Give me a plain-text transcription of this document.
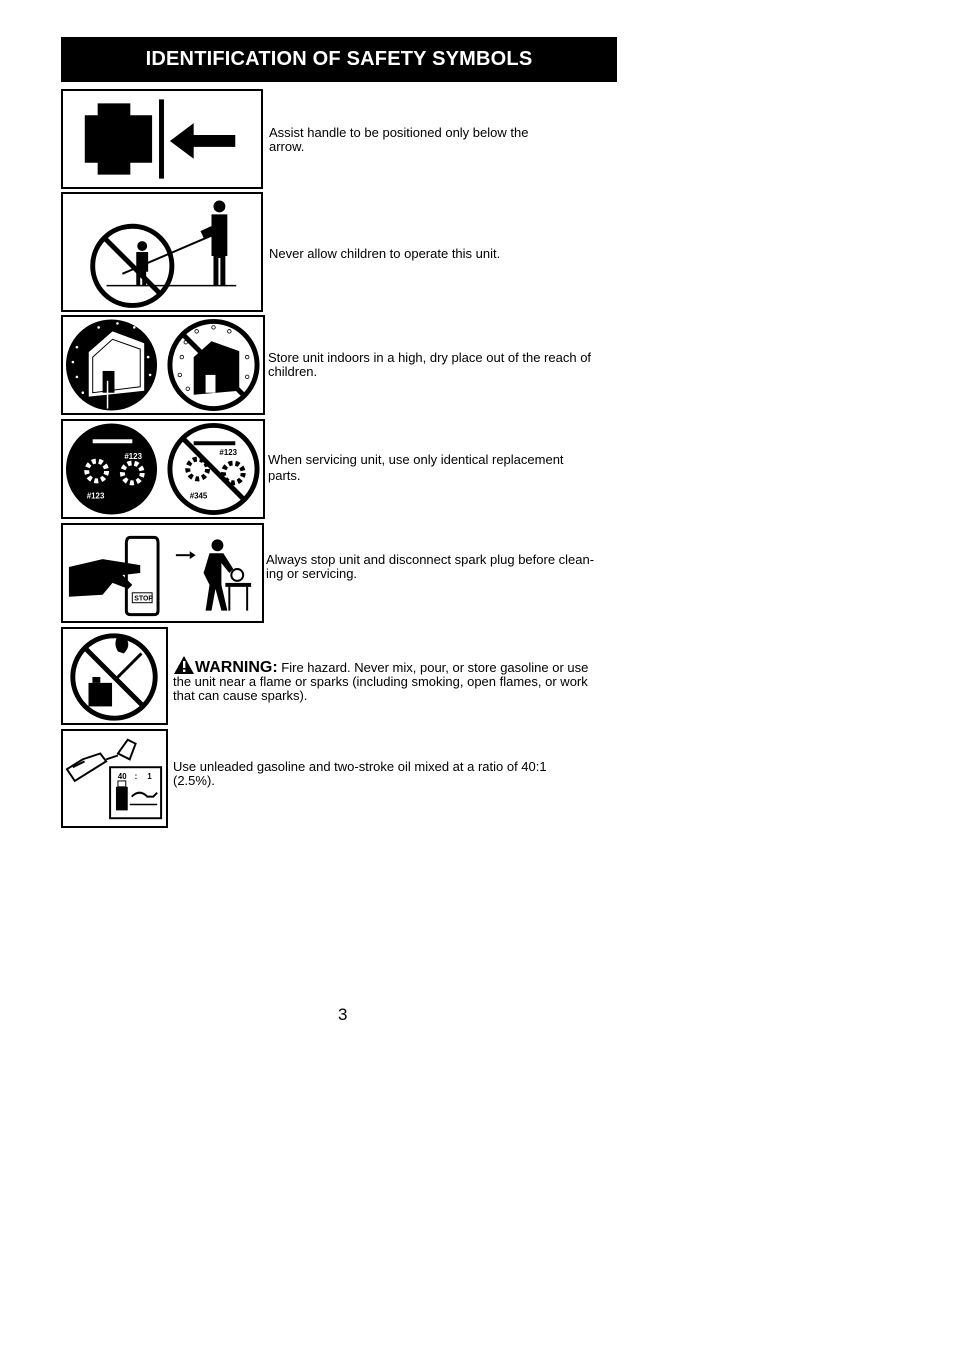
IDENTIFICATION OF SAFETY SYMBOLS
Assist handle to be positioned only below the arrow.
Never allow children to operate this unit.
Store unit indoors in a high, dry place out of the reach of children.
#123
#123
#123
#345
When servicing unit, use only identical replacement parts.
STOP
Always stop unit and disconnect spark plug before clean-ing or servicing.
WARNING: Fire hazard. Never mix, pour, or store gasoline or use the unit near a flame or sparks (including smoking, open flames, or work that can cause sparks).
40 : 1
Use unleaded gasoline and two-stroke oil mixed at a ratio of 40:1 (2.5%).
3
